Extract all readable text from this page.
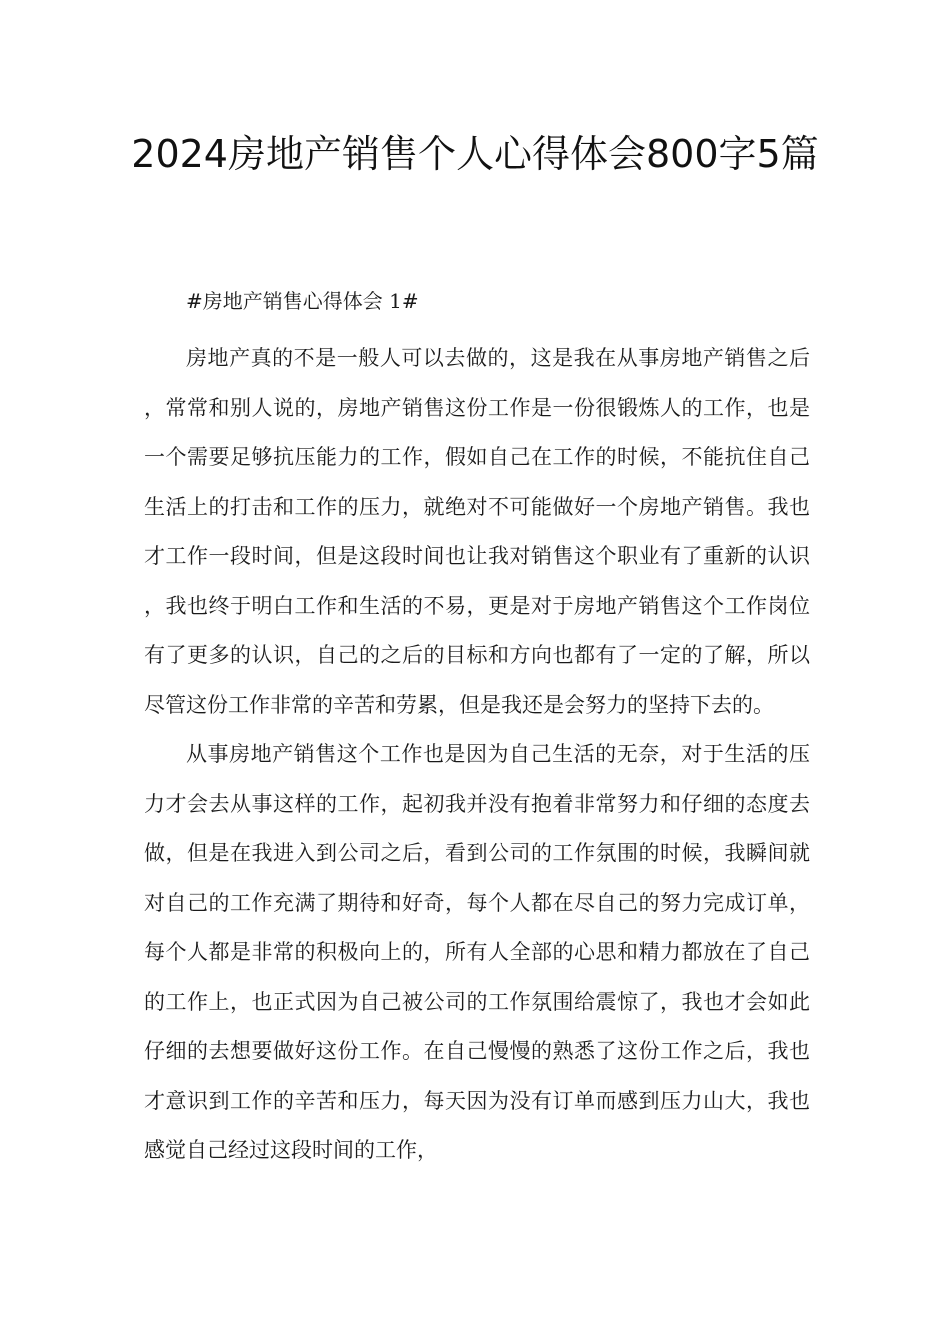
2024房地产销售个人心得体会800字5篇
#房地产销售心得体会 1#

房地产真的不是一般人可以去做的，这是我在从事房地产销售之后，常常和别人说的，房地产销售这份工作是一份很锻炼人的工作，也是一个需要足够抗压能力的工作，假如自己在工作的时候，不能抗住自己生活上的打击和工作的压力，就绝对不可能做好一个房地产销售。我也才工作一段时间，但是这段时间也让我对销售这个职业有了重新的认识，我也终于明白工作和生活的不易，更是对于房地产销售这个工作岗位有了更多的认识，自己的之后的目标和方向也都有了一定的了解，所以尽管这份工作非常的辛苦和劳累，但是我还是会努力的坚持下去的。

从事房地产销售这个工作也是因为自己生活的无奈，对于生活的压力才会去从事这样的工作，起初我并没有抱着非常努力和仔细的态度去做，但是在我进入到公司之后，看到公司的工作氛围的时候，我瞬间就对自己的工作充满了期待和好奇，每个人都在尽自己的努力完成订单，每个人都是非常的积极向上的，所有人全部的心思和精力都放在了自己的工作上，也正式因为自己被公司的工作氛围给震惊了，我也才会如此仔细的去想要做好这份工作。在自己慢慢的熟悉了这份工作之后，我也才意识到工作的辛苦和压力，每天因为没有订单而感到压力山大，我也感觉自己经过这段时间的工作，
